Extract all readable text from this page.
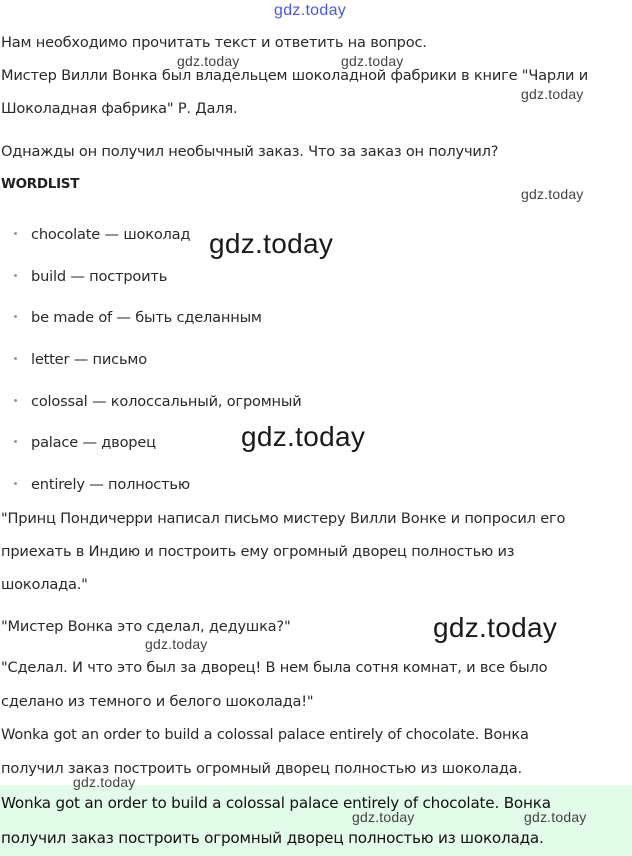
gdz.today
Нам необходимо прочитать текст и ответить на вопрос.
Мистер Вилли Вонка был владельцем шоколадной фабрики в книге "Чарли и
Шоколадная фабрика" Р. Даля.
Однажды он получил необычный заказ. Что за заказ он получил?
WORDLIST
chocolate — шоколад
build — построить
be made of — быть сделанным
letter — письмо
colossal — колоссальный, огромный
palace — дворец
entirely — полностью
"Принц Пондичерри написал письмо мистеру Вилли Вонке и попросил его
приехать в Индию и построить ему огромный дворец полностью из
шоколада."
"Мистер Вонка это сделал, дедушка?"
"Сделал. И что это был за дворец! В нем была сотня комнат, и все было
сделано из темного и белого шоколада!"
Wonka got an order to build a colossal palace entirely of chocolate. Вонка
получил заказ построить огромный дворец полностью из шоколада.
Wonka got an order to build a colossal palace entirely of chocolate. Вонка
получил заказ построить огромный дворец полностью из шоколада.
gdz.today	gdz.today
gdz.today
gdz.today
gdz.today
gdz.today
gdz.today	gdz.today
gdz.today
gdz.today
gdz.today
